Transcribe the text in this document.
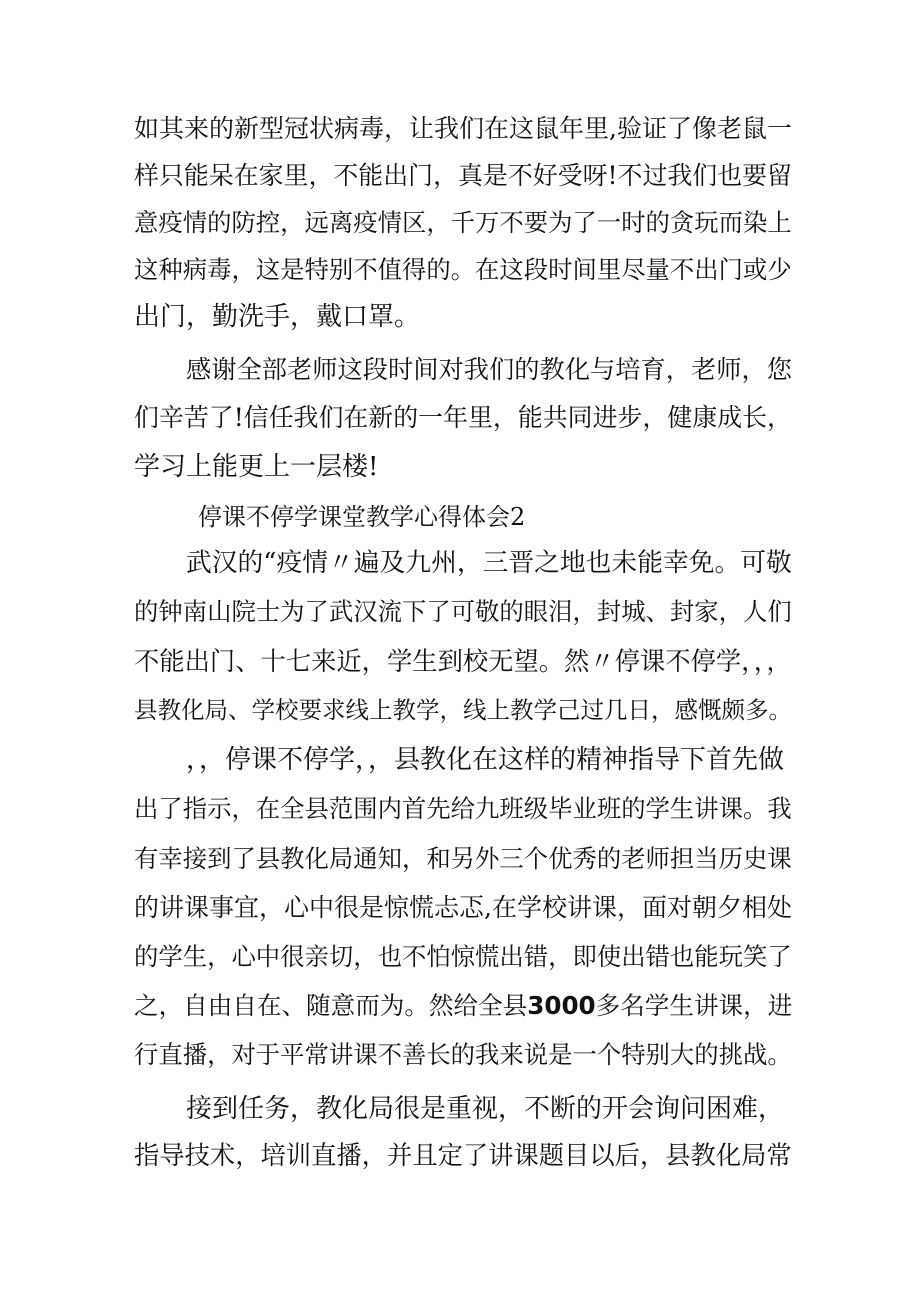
如其来的新型冠状病毒，让我们在这鼠年里,验证了像老鼠一

样只能呆在家里，不能出门，真是不好受呀!不过我们也要留

意疫情的防控，远离疫情区，千万不要为了一时的贪玩而染上

这种病毒，这是特别不值得的。在这段时间里尽量不出门或少

出门，勤洗手，戴口罩。

感谢全部老师这段时间对我们的教化与培育，老师，您

们辛苦了!信任我们在新的一年里，能共同进步，健康成长，

学习上能更上一层楼!

停课不停学课堂教学心得体会2

武汉的“疫情〃遍及九州，三晋之地也未能幸免。可敬

的钟南山院士为了武汉流下了可敬的眼泪，封城、封家，人们

不能出门、十七来近，学生到校无望。然〃停课不停学，，，

县教化局、学校要求线上教学，线上教学己过几日，感慨颇多。

，，停课不停学，，县教化在这样的精神指导下首先做

出了指示，在全县范围内首先给九班级毕业班的学生讲课。我

有幸接到了县教化局通知，和另外三个优秀的老师担当历史课

的讲课事宜，心中很是惊慌忐忑,在学校讲课，面对朝夕相处

的学生，心中很亲切，也不怕惊慌出错，即使出错也能玩笑了

之，自由自在、随意而为。然给全县3000多名学生讲课，进

行直播，对于平常讲课不善长的我来说是一个特别大的挑战。

接到任务，教化局很是重视，不断的开会询问困难，

指导技术，培训直播，并且定了讲课题目以后，县教化局常
